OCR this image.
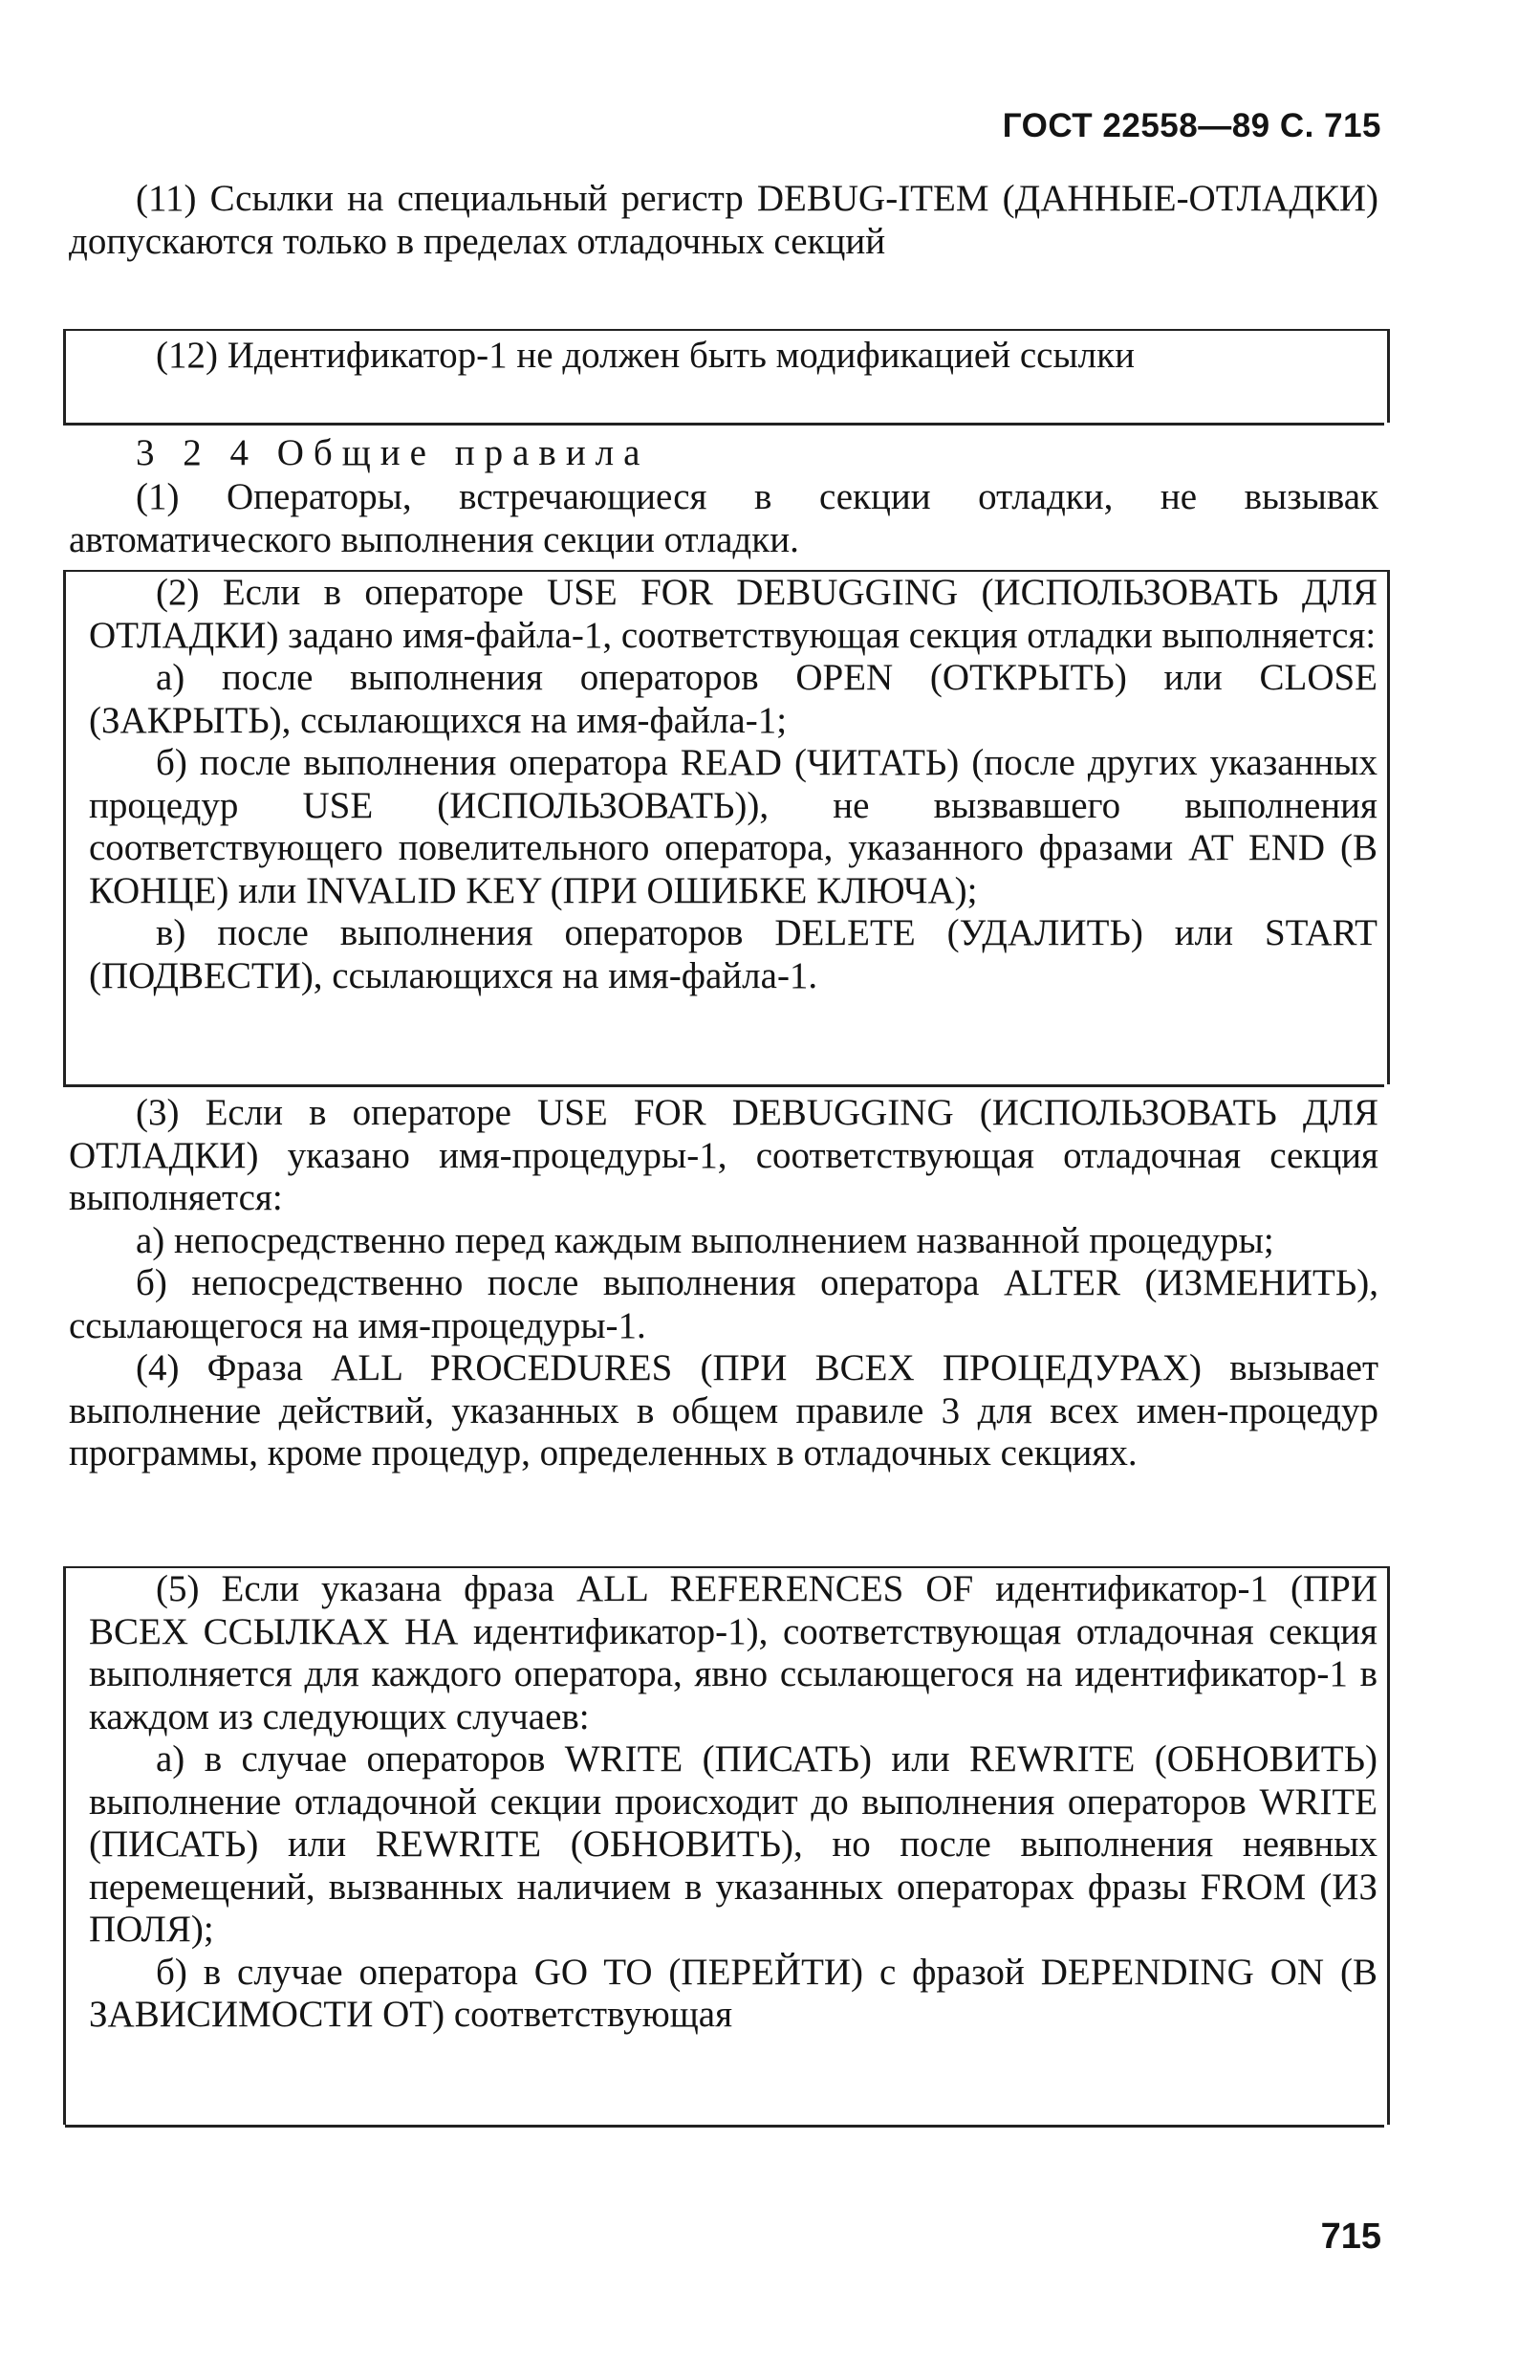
ГОСТ 22558—89 С. 715

(11) Ссылки на специальный регистр DEBUG-ITEM (ДАННЫЕ-ОТЛАДКИ) допускаются только в пределах отладочных секций

(12) Идентификатор-1 не должен быть модификацией ссылки

3 2 4 Общие правила

(1) Операторы, встречающиеся в секции отладки, не вызывак автоматического выполнения секции отладки.

(2) Если в операторе USE FOR DEBUGGING (ИСПОЛЬЗОВАТЬ ДЛЯ ОТЛАДКИ) задано имя-файла-1, соответствующая секция отладки выполняется:

а) после выполнения операторов OPEN (ОТКРЫТЬ) или CLOSE (ЗАКРЫТЬ), ссылающихся на имя-файла-1;

б) после выполнения оператора READ (ЧИТАТЬ) (после других указанных процедур USE (ИСПОЛЬЗОВАТЬ)), не вызвавшего выполнения соответствующего повелительного оператора, указанного фразами AT END (В КОНЦЕ) или INVALID KEY (ПРИ ОШИБКЕ КЛЮЧА);

в) после выполнения операторов DELETE (УДАЛИТЬ) или START (ПОДВЕСТИ), ссылающихся на имя-файла-1.

(3) Если в операторе USE FOR DEBUGGING (ИСПОЛЬЗОВАТЬ ДЛЯ ОТЛАДКИ) указано имя-процедуры-1, соответствующая отладочная секция выполняется:

а) непосредственно перед каждым выполнением названной процедуры;

б) непосредственно после выполнения оператора ALTER (ИЗМЕНИТЬ), ссылающегося на имя-процедуры-1.

(4) Фраза ALL PROCEDURES (ПРИ ВСЕХ ПРОЦЕДУРАХ) вызывает выполнение действий, указанных в общем правиле 3 для всех имен-процедур программы, кроме процедур, определенных в отладочных секциях.

(5) Если указана фраза ALL REFERENCES OF идентификатор-1 (ПРИ ВСЕХ ССЫЛКАХ НА идентификатор-1), соответствующая отладочная секция выполняется для каждого оператора, явно ссылающегося на идентификатор-1 в каждом из следующих случаев:

а) в случае операторов WRITE (ПИСАТЬ) или REWRITE (ОБНОВИТЬ) выполнение отладочной секции происходит до выполнения операторов WRITE (ПИСАТЬ) или REWRITE (ОБНОВИТЬ), но после выполнения неявных перемещений, вызванных наличием в указанных операторах фразы FROM (ИЗ ПОЛЯ);

б) в случае оператора GO TO (ПЕРЕЙТИ) с фразой DEPENDING ON (В ЗАВИСИМОСТИ ОТ) соответствующая

715
